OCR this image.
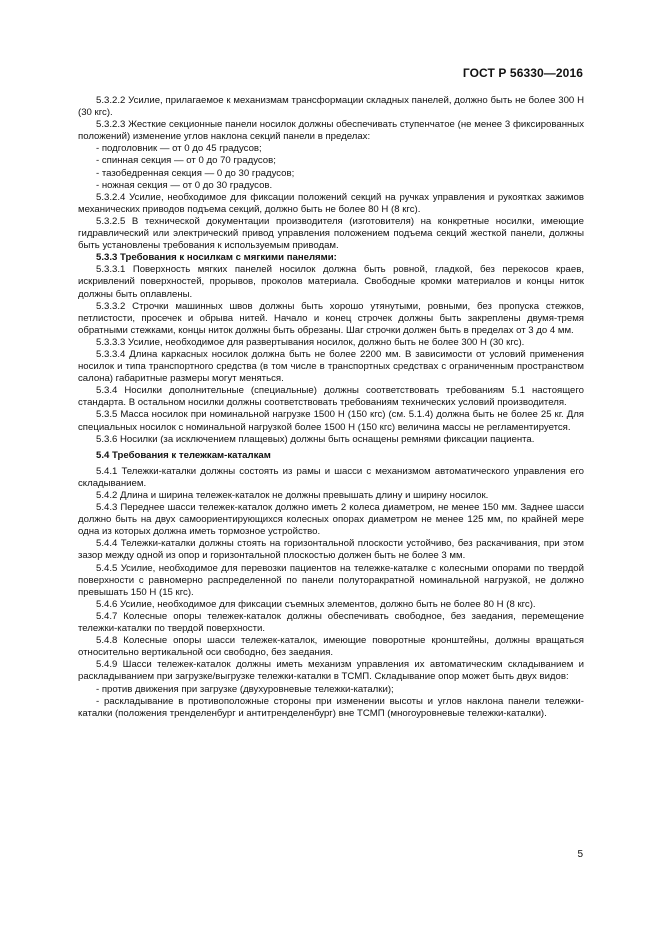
ГОСТ Р 56330—2016

5.3.2.2 Усилие, прилагаемое к механизмам трансформации складных панелей, должно быть не более 300 Н (30 кгс).

5.3.2.3 Жесткие секционные панели носилок должны обеспечивать ступенчатое (не менее 3 фиксированных положений) изменение углов наклона секций панели в пределах:

- подголовник — от 0 до 45 градусов;

- спинная секция — от 0 до 70 градусов;

- тазобедренная секция — 0 до 30 градусов;

- ножная секция — от 0 до 30 градусов.

5.3.2.4 Усилие, необходимое для фиксации положений секций на ручках управления и рукоятках зажимов механических приводов подъема секций, должно быть не более 80 Н (8 кгс).

5.3.2.5 В технической документации производителя (изготовителя) на конкретные носилки, имеющие гидравлический или электрический привод управления положением подъема секций жесткой панели, должны быть установлены требования к используемым приводам.

5.3.3 Требования к носилкам с мягкими панелями:

5.3.3.1 Поверхность мягких панелей носилок должна быть ровной, гладкой, без перекосов краев, искривлений поверхностей, прорывов, проколов материала. Свободные кромки материалов и концы ниток должны быть оплавлены.

5.3.3.2 Строчки машинных швов должны быть хорошо утянутыми, ровными, без пропуска стежков, петлистости, просечек и обрыва нитей. Начало и конец строчек должны быть закреплены двумя-тремя обратными стежками, концы ниток должны быть обрезаны. Шаг строчки должен быть в пределах от 3 до 4 мм.

5.3.3.3 Усилие, необходимое для развертывания носилок, должно быть не более 300 Н (30 кгс).

5.3.3.4 Длина каркасных носилок должна быть не более 2200 мм. В зависимости от условий применения носилок и типа транспортного средства (в том числе в транспортных средствах с ограниченным пространством салона) габаритные размеры могут меняться.

5.3.4 Носилки дополнительные (специальные) должны соответствовать требованиям 5.1 настоящего стандарта. В остальном носилки должны соответствовать требованиям технических условий производителя.

5.3.5 Масса носилок при номинальной нагрузке 1500 Н (150 кгс) (см. 5.1.4) должна быть не более 25 кг. Для специальных носилок с номинальной нагрузкой более 1500 Н (150 кгс) величина массы не регламентируется.

5.3.6 Носилки (за исключением плащевых) должны быть оснащены ремнями фиксации пациента.

5.4 Требования к тележкам-каталкам

5.4.1 Тележки-каталки должны состоять из рамы и шасси с механизмом автоматического управления его складыванием.

5.4.2 Длина и ширина тележек-каталок не должны превышать длину и ширину носилок.

5.4.3 Переднее шасси тележек-каталок должно иметь 2 колеса диаметром, не менее 150 мм. Заднее шасси должно быть на двух самоориентирующихся колесных опорах диаметром не менее 125 мм, по крайней мере одна из которых должна иметь тормозное устройство.

5.4.4 Тележки-каталки должны стоять на горизонтальной плоскости устойчиво, без раскачивания, при этом зазор между одной из опор и горизонтальной плоскостью должен быть не более 3 мм.

5.4.5 Усилие, необходимое для перевозки пациентов на тележке-каталке с колесными опорами по твердой поверхности с равномерно распределенной по панели полуторакратной номинальной нагрузкой, не должно превышать 150 Н (15 кгс).

5.4.6 Усилие, необходимое для фиксации съемных элементов, должно быть не более 80 Н (8 кгс).

5.4.7 Колесные опоры тележек-каталок должны обеспечивать свободное, без заедания, перемещение тележки-каталки по твердой поверхности.

5.4.8 Колесные опоры шасси тележек-каталок, имеющие поворотные кронштейны, должны вращаться относительно вертикальной оси свободно, без заедания.

5.4.9 Шасси тележек-каталок должны иметь механизм управления их автоматическим складыванием и раскладыванием при загрузке/выгрузке тележки-каталки в ТСМП. Складывание опор может быть двух видов:

- против движения при загрузке (двухуровневые тележки-каталки);

- раскладывание в противоположные стороны при изменении высоты и углов наклона панели тележки-каталки (положения тренделенбург и антитренделенбург) вне ТСМП (многоуровневые тележки-каталки).

5
